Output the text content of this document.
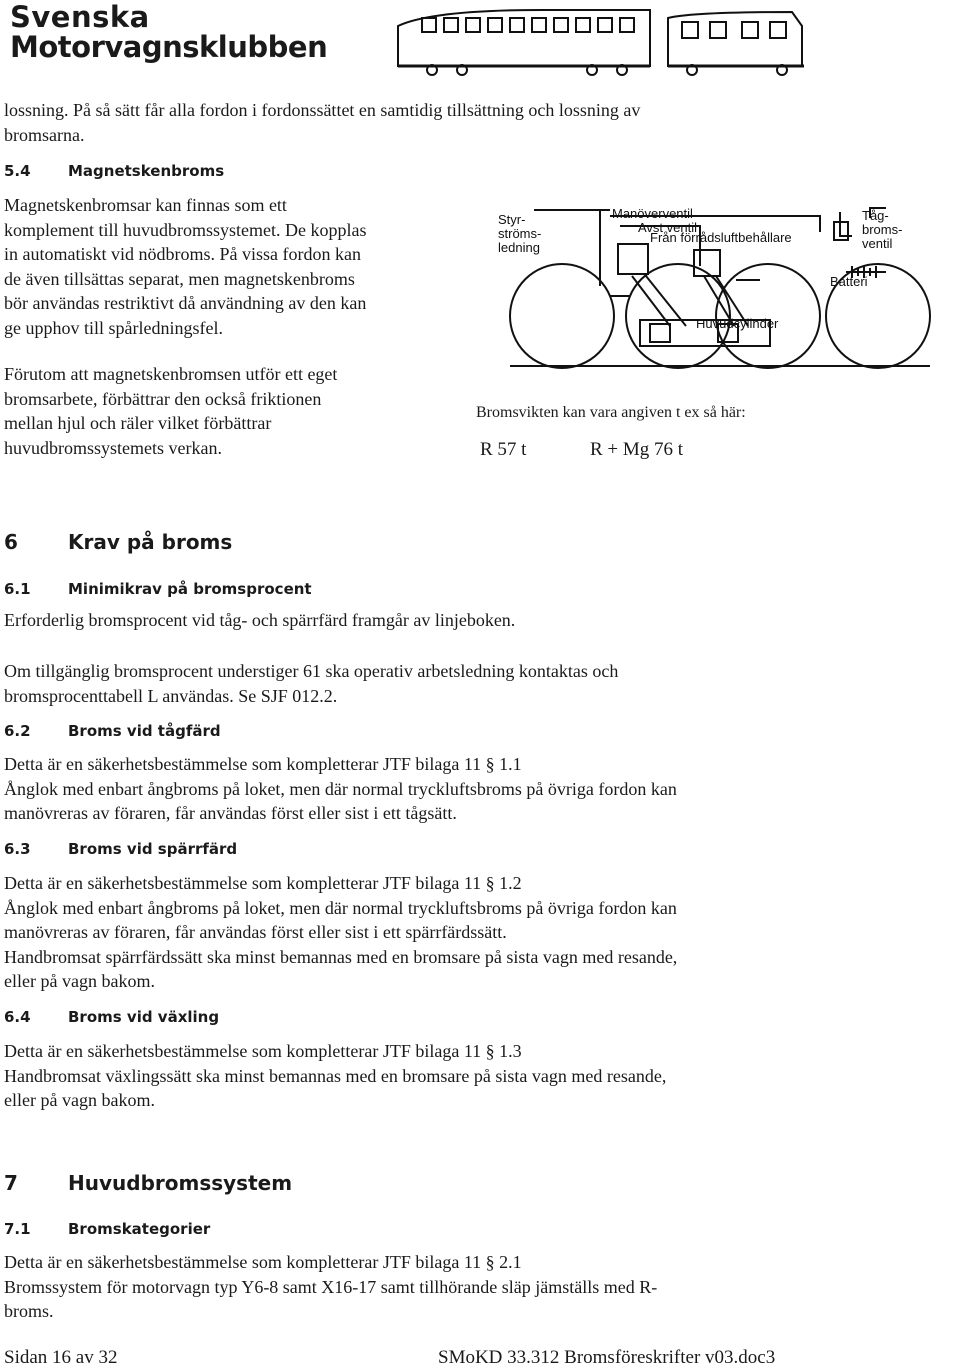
Svenska
Motorvagnsklubben
lossning. På så sätt får alla fordon i fordonssättet en samtidig tillsättning och lossning av
bromsarna.
5.4 Magnetskenbroms
Magnetskenbromsar kan finnas som ett
komplement till huvudbromssystemet. De kopplas
in automatiskt vid nödbroms. På vissa fordon kan
de även tillsättas separat, men magnetskenbroms
bör användas restriktivt då användning av den kan
ge upphov till spårledningsfel.
Förutom att magnetskenbromsen utför ett eget
bromsarbete, förbättrar den också friktionen
mellan hjul och räler vilket förbättrar
huvudbromssystemets verkan.
Styr-
ströms-
ledning
Manöverventil
Avst ventil
Från förrådsluftbehållare
Tåg-
broms-
ventil
Batteri
Huvudcylinder
Bromsvikten kan vara angiven t ex så här:
R 57 t	R + Mg 76 t
6	Krav på broms
6.1 Minimikrav på bromsprocent
Erforderlig bromsprocent vid tåg- och spärrfärd framgår av linjeboken.
Om tillgänglig bromsprocent understiger 61 ska operativ arbetsledning kontaktas och
bromsprocenttabell L användas. Se SJF 012.2.
6.2 Broms vid tågfärd
Detta är en säkerhetsbestämmelse som kompletterar JTF bilaga 11 § 1.1
Ånglok med enbart ångbroms på loket, men där normal tryckluftsbroms på övriga fordon kan
manövreras av föraren, får användas först eller sist i ett tågsätt.
6.3 Broms vid spärrfärd
Detta är en säkerhetsbestämmelse som kompletterar JTF bilaga 11 § 1.2
Ånglok med enbart ångbroms på loket, men där normal tryckluftsbroms på övriga fordon kan
manövreras av föraren, får användas först eller sist i ett spärrfärdssätt.
Handbromsat spärrfärdssätt ska minst bemannas med en bromsare på sista vagn med resande,
eller på vagn bakom.
6.4 Broms vid växling
Detta är en säkerhetsbestämmelse som kompletterar JTF bilaga 11 § 1.3
Handbromsat växlingssätt ska minst bemannas med en bromsare på sista vagn med resande,
eller på vagn bakom.
7	Huvudbromssystem
7.1 Bromskategorier
Detta är en säkerhetsbestämmelse som kompletterar JTF bilaga 11 § 2.1
Bromssystem för motorvagn typ Y6-8 samt X16-17 samt tillhörande släp jämställs med R-
broms.
Sidan 16 av 32	SMoKD 33.312 Bromsföreskrifter v03.doc3
